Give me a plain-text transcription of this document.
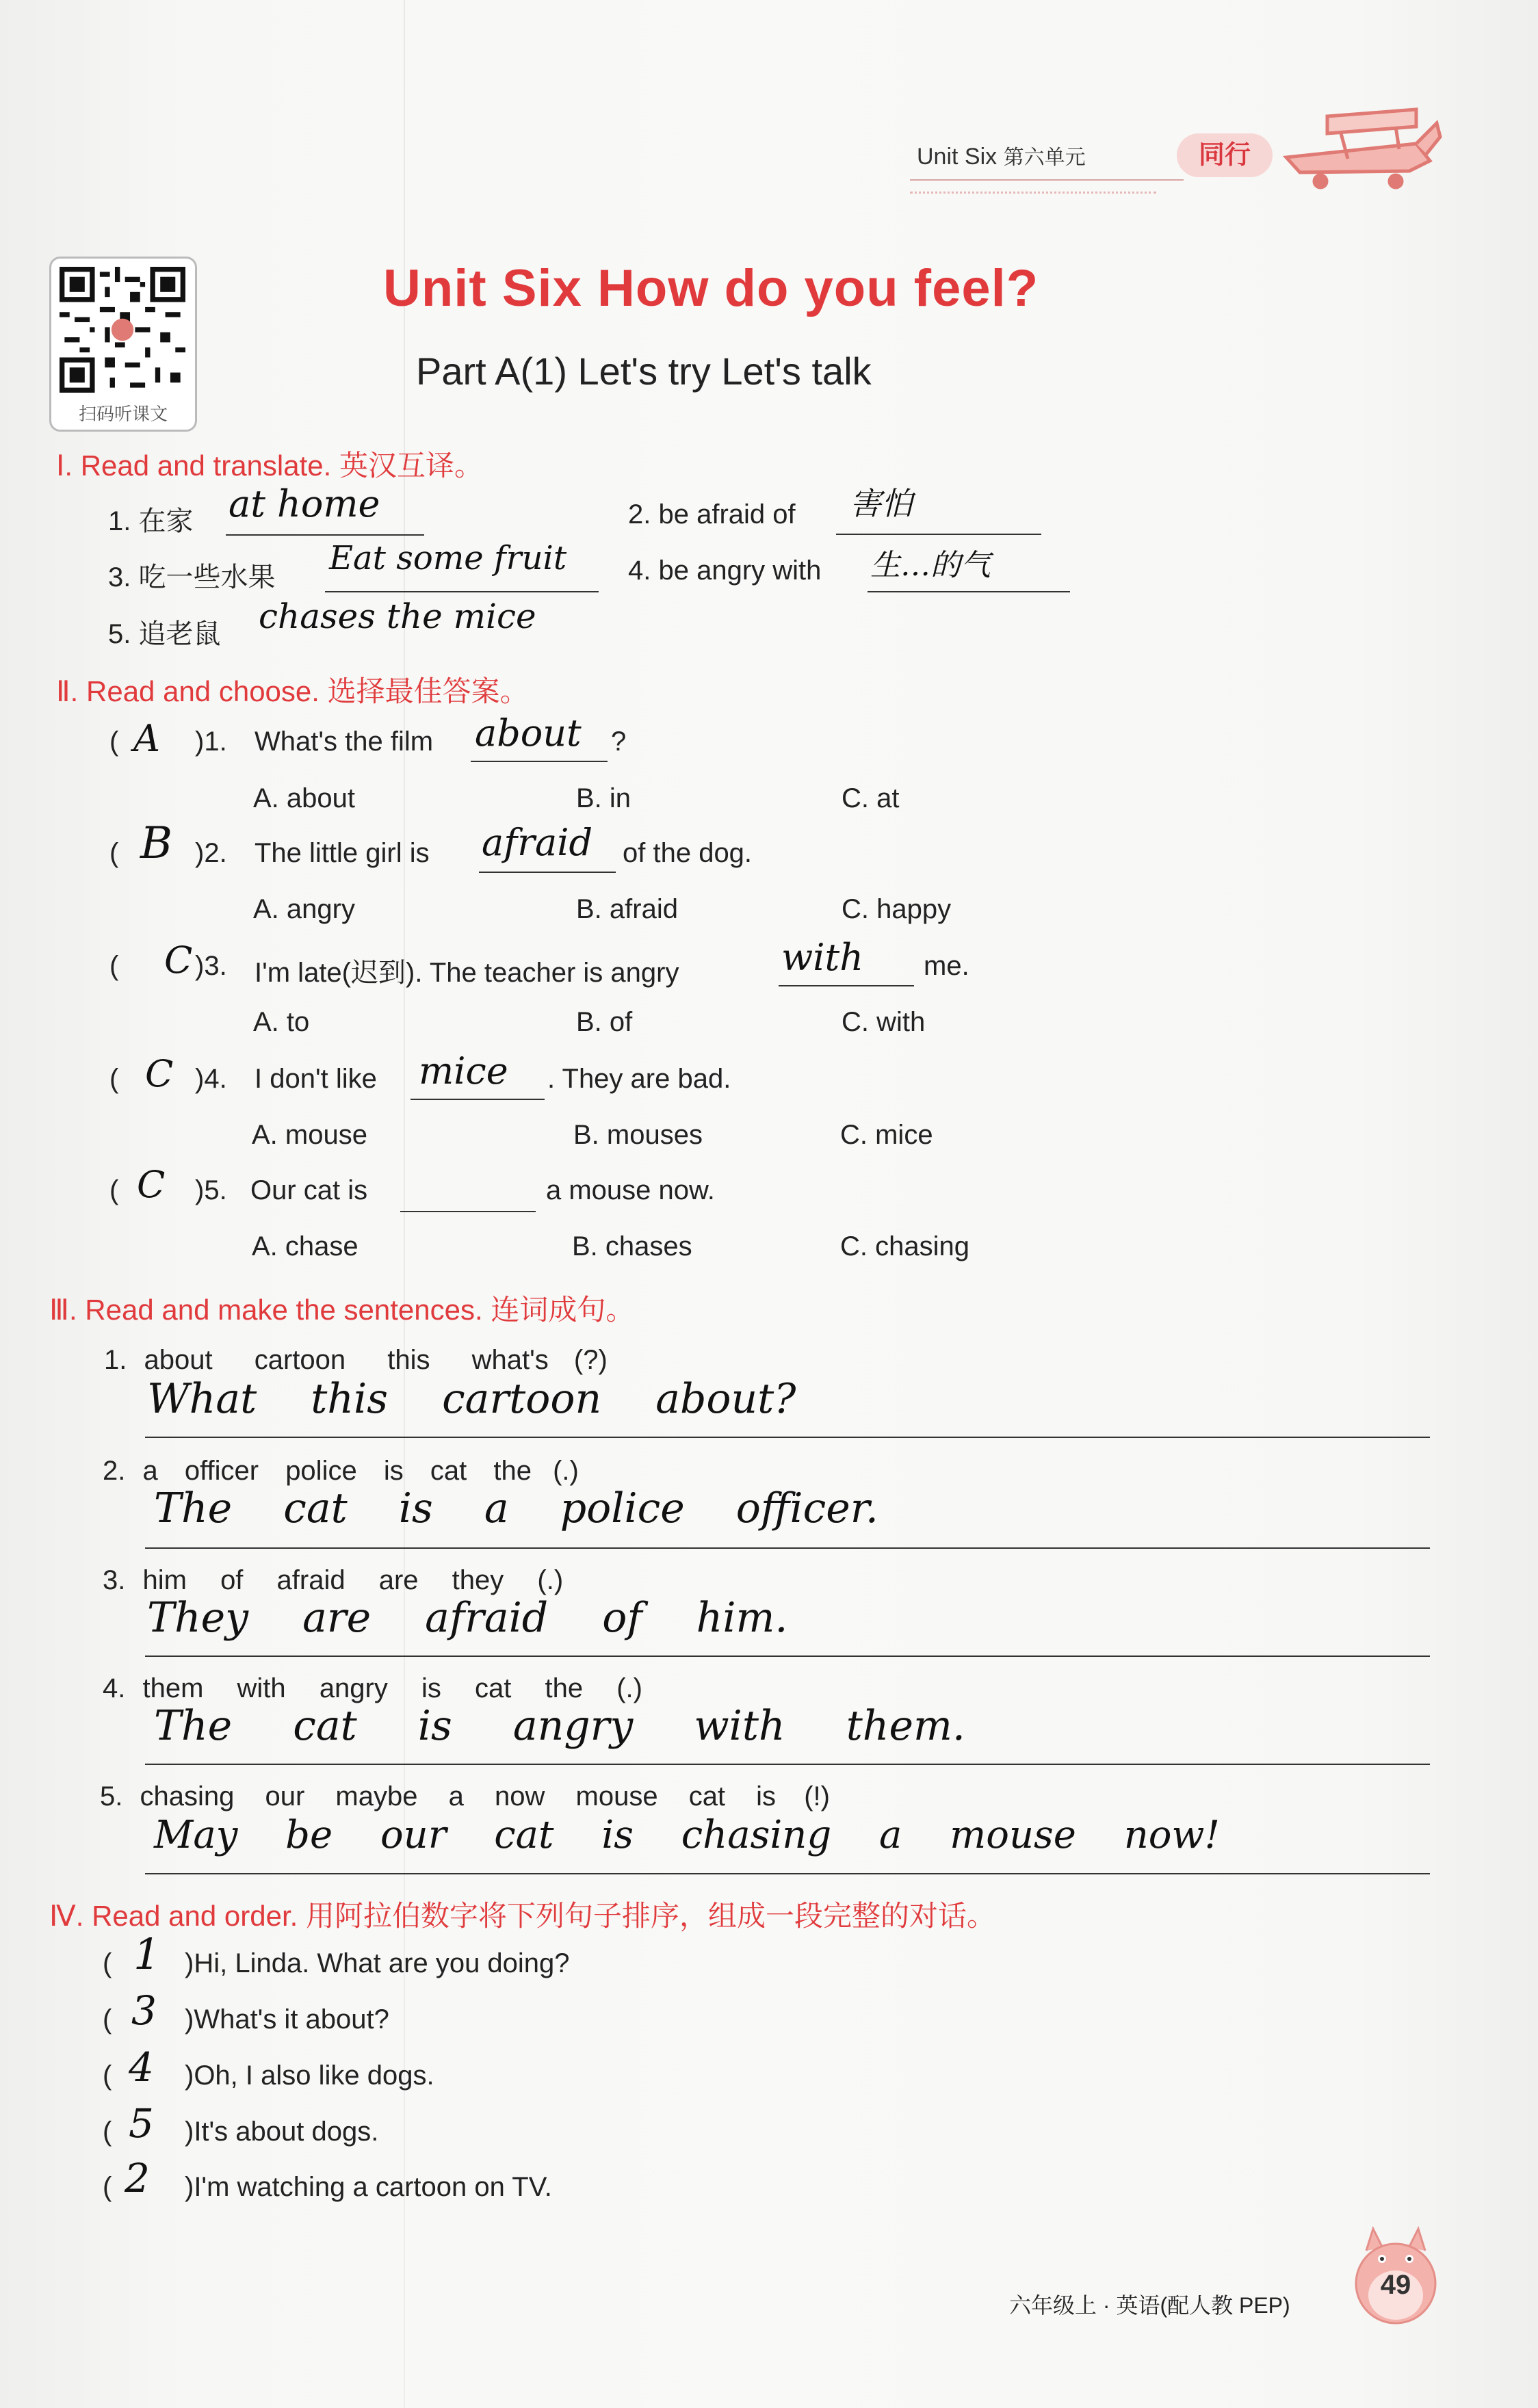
Unit Six 第六单元	同行
扫码听课文
Unit Six How do you feel?
Part A(1) Let's try Let's talk
Ⅰ. Read and translate. 英汉互译。
1. 在家 at home	2. be afraid of 害怕
3. 吃一些水果 Eat some fruit 4. be angry with 生…的气
5. 追老鼠 chases the mice
Ⅱ. Read and choose. 选择最佳答案。
( A )1. What's the film about ?
A. about	B. in	C. at
( B )2. The little girl is afraid of the dog.
A. angry	B. afraid	C. happy
( C )3. I'm late(迟到). The teacher is angry	with me.
A. to	B. of	C. with
( C )4. I don't like mice . They are bad.
A. mouse	B. mouses	C. mice
( C )5. Our cat is	a mouse now.
A. chase	B. chases	C. chasing
Ⅲ. Read and make the sentences. 连词成句。
1. about cartoon this what's (?)
What this cartoon about?
2. a officer police is cat the (.)
The cat is a police officer.
3. him of afraid are they (.)
They are afraid of him.
4. them with angry is cat the (.)
The cat is angry with them.
5. chasing our maybe a now mouse cat is (!)
May be our cat is chasing a mouse now!
Ⅳ. Read and order. 用阿拉伯数字将下列句子排序，组成一段完整的对话。
( 1 )Hi, Linda. What are you doing?
( 3 )What's it about?
( 4 )Oh, I also like dogs.
( 5 )It's about dogs.
( 2 )I'm watching a cartoon on TV.
六年级上 · 英语(配人教 PEP)
49
